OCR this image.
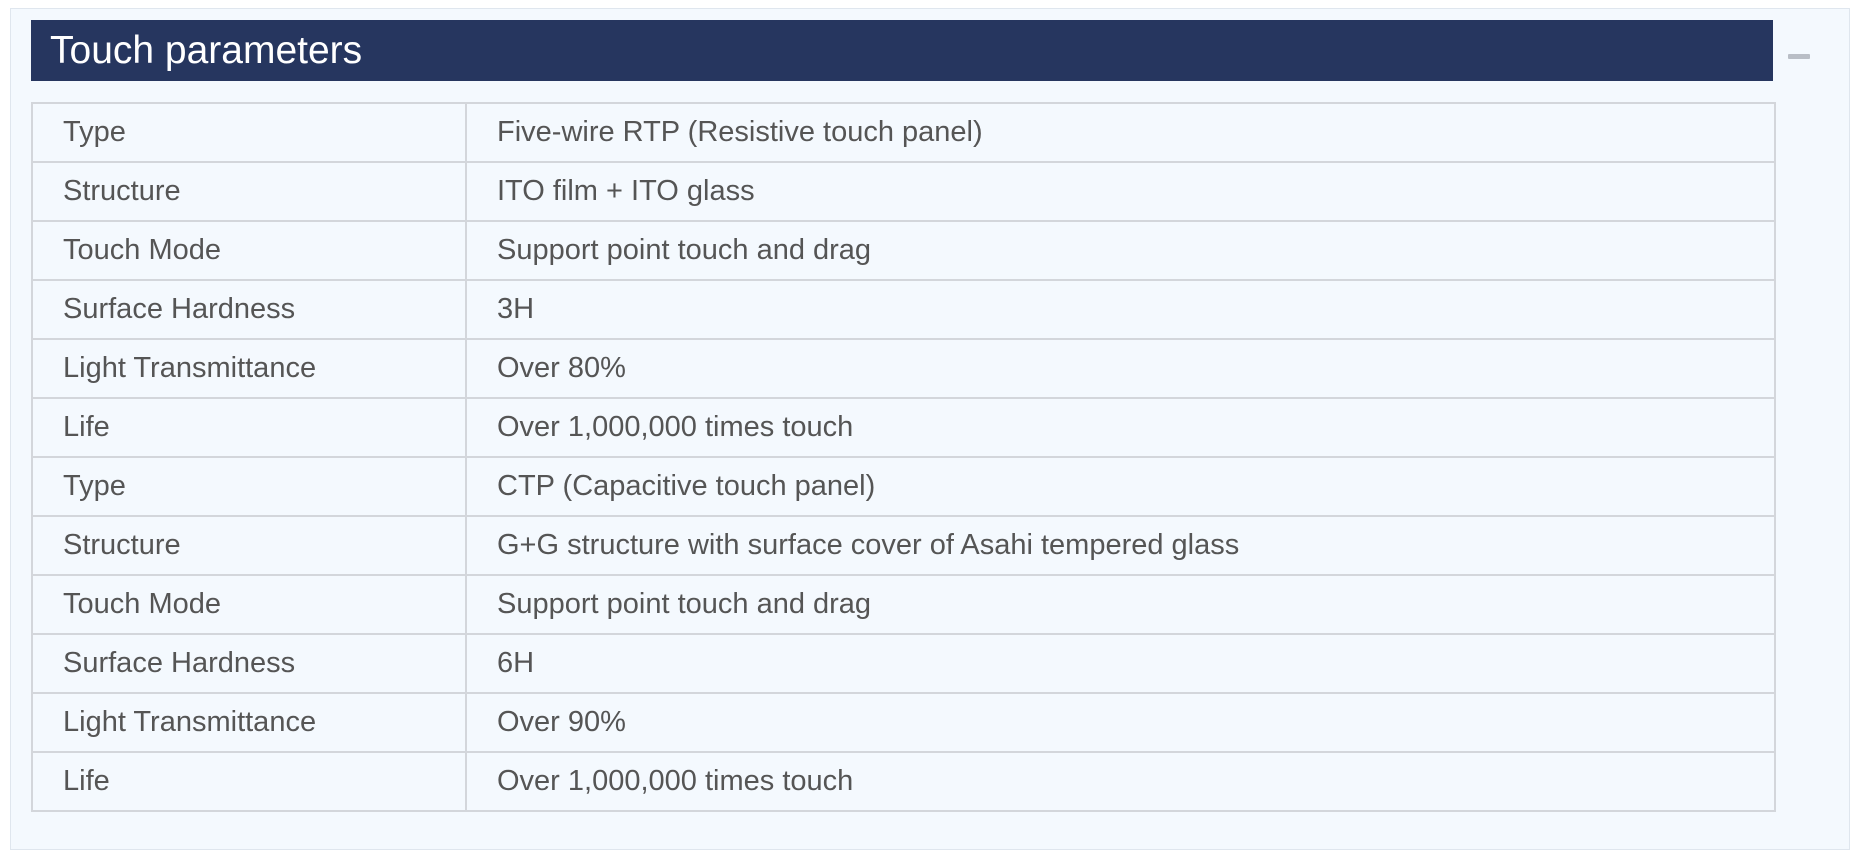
Touch parameters
Type	Five-wire RTP (Resistive touch panel)
Structure	ITO film + ITO glass
Touch Mode	Support point touch and drag
Surface Hardness	3H
Light Transmittance	Over 80%
Life	Over 1,000,000 times touch
Type	CTP (Capacitive touch panel)
Structure	G+G structure with surface cover of Asahi tempered glass
Touch Mode	Support point touch and drag
Surface Hardness	6H
Light Transmittance	Over 90%
Life	Over 1,000,000 times touch
